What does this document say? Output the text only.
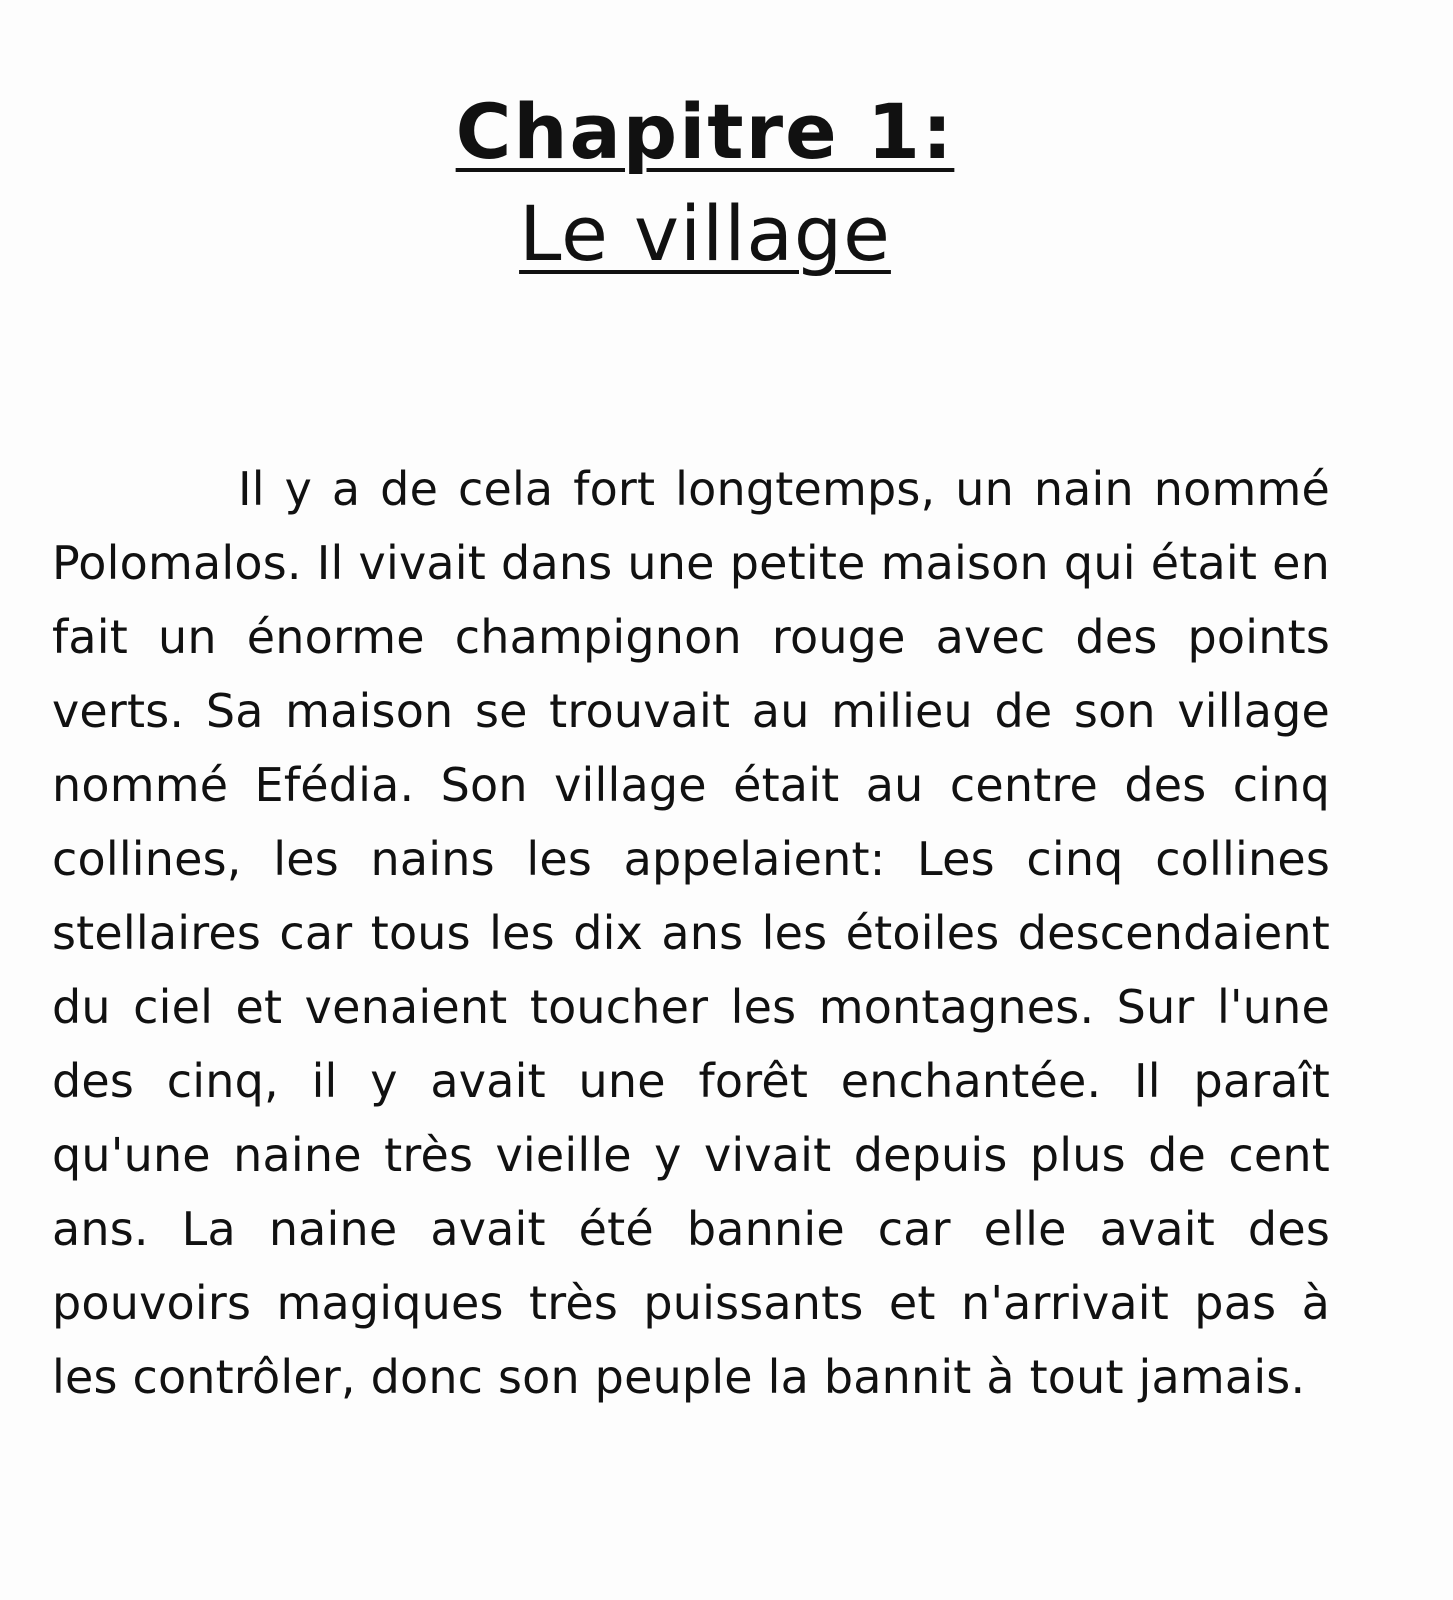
Chapitre 1:
Le village

Il y a de cela fort longtemps, un nain nommé Polomalos. Il vivait dans une petite maison qui était en fait un énorme champignon rouge avec des points verts. Sa maison se trouvait au milieu de son village nommé Efédia. Son village était au centre des cinq collines, les nains les appelaient: Les cinq collines stellaires car tous les dix ans les étoiles descendaient du ciel et venaient toucher les montagnes. Sur l'une des cinq, il y avait une forêt enchantée. Il paraît qu'une naine très vieille y vivait depuis plus de cent ans. La naine avait été bannie car elle avait des pouvoirs magiques très puissants et n'arrivait pas à les contrôler, donc son peuple la bannit à tout jamais.
